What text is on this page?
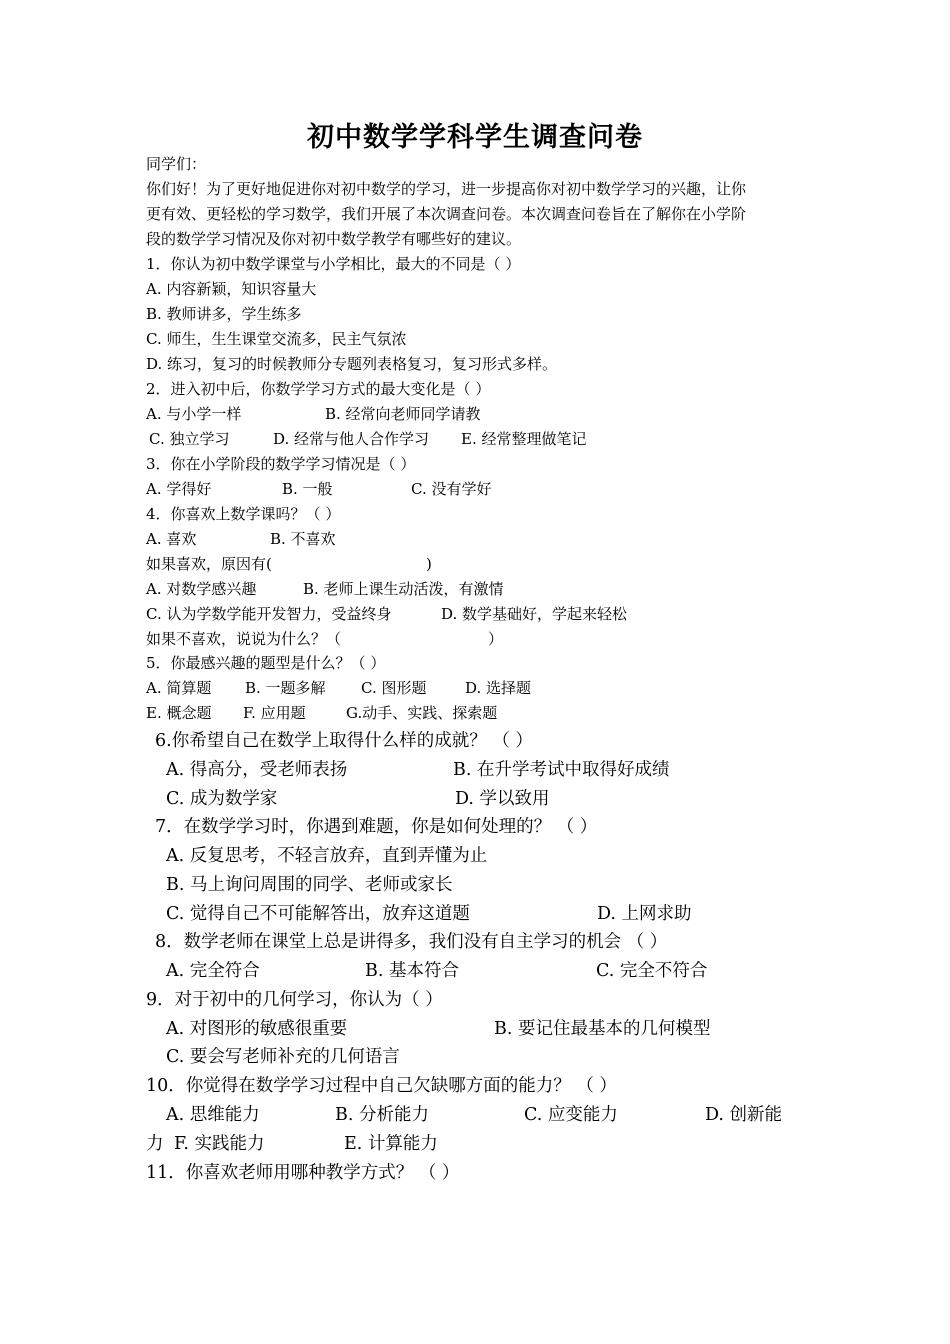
初中数学学科学生调查问卷
同学们：
你们好！为了更好地促进你对初中数学的学习，进一步提高你对初中数学学习的兴趣，让你
更有效、更轻松的学习数学，我们开展了本次调查问卷。本次调查问卷旨在了解你在小学阶
段的数学学习情况及你对初中数学教学有哪些好的建议。
1．你认为初中数学课堂与小学相比，最大的不同是（ ）
A. 内容新颖，知识容量大
B. 教师讲多，学生练多
C. 师生，生生课堂交流多，民主气氛浓
D. 练习，复习的时候教师分专题列表格复习，复习形式多样。
2．进入初中后，你数学学习方式的最大变化是（ ）
A. 与小学一样	B. 经常向老师同学请教
C. 独立学习	D. 经常与他人合作学习 E. 经常整理做笔记
3．你在小学阶段的数学学习情况是（ ）
A. 学得好	B. 一般	C. 没有学好
4．你喜欢上数学课吗？（ ）
A. 喜欢	B. 不喜欢
如果喜欢，原因有(	)
A. 对数学感兴趣	B. 老师上课生动活泼，有激情
C. 认为学数学能开发智力，受益终身	D. 数学基础好，学起来轻松
如果不喜欢，说说为什么？（	）
5．你最感兴趣的题型是什么？（ ）
A. 简算题 B. 一题多解 C. 图形题	D. 选择题
E. 概念题 F. 应用题	G.动手、实践、探索题
6.你希望自己在数学上取得什么样的成就？ （ ）
A. 得高分，受老师表扬	B. 在升学考试中取得好成绩
C. 成为数学家	D. 学以致用
7．在数学学习时，你遇到难题，你是如何处理的？ （ ）
A. 反复思考，不轻言放弃，直到弄懂为止
B. 马上询问周围的同学、老师或家长
C. 觉得自己不可能解答出，放弃这道题	D. 上网求助
8．数学老师在课堂上总是讲得多，我们没有自主学习的机会 （ ）
A. 完全符合	B. 基本符合	C. 完全不符合
9．对于初中的几何学习，你认为（ ）
A. 对图形的敏感很重要	B. 要记住最基本的几何模型
C. 要会写老师补充的几何语言
10．你觉得在数学学习过程中自己欠缺哪方面的能力？ （ ）
A. 思维能力	B. 分析能力	C. 应变能力	D. 创新能
力 F. 实践能力	E. 计算能力
11．你喜欢老师用哪种教学方式？ （ ）
